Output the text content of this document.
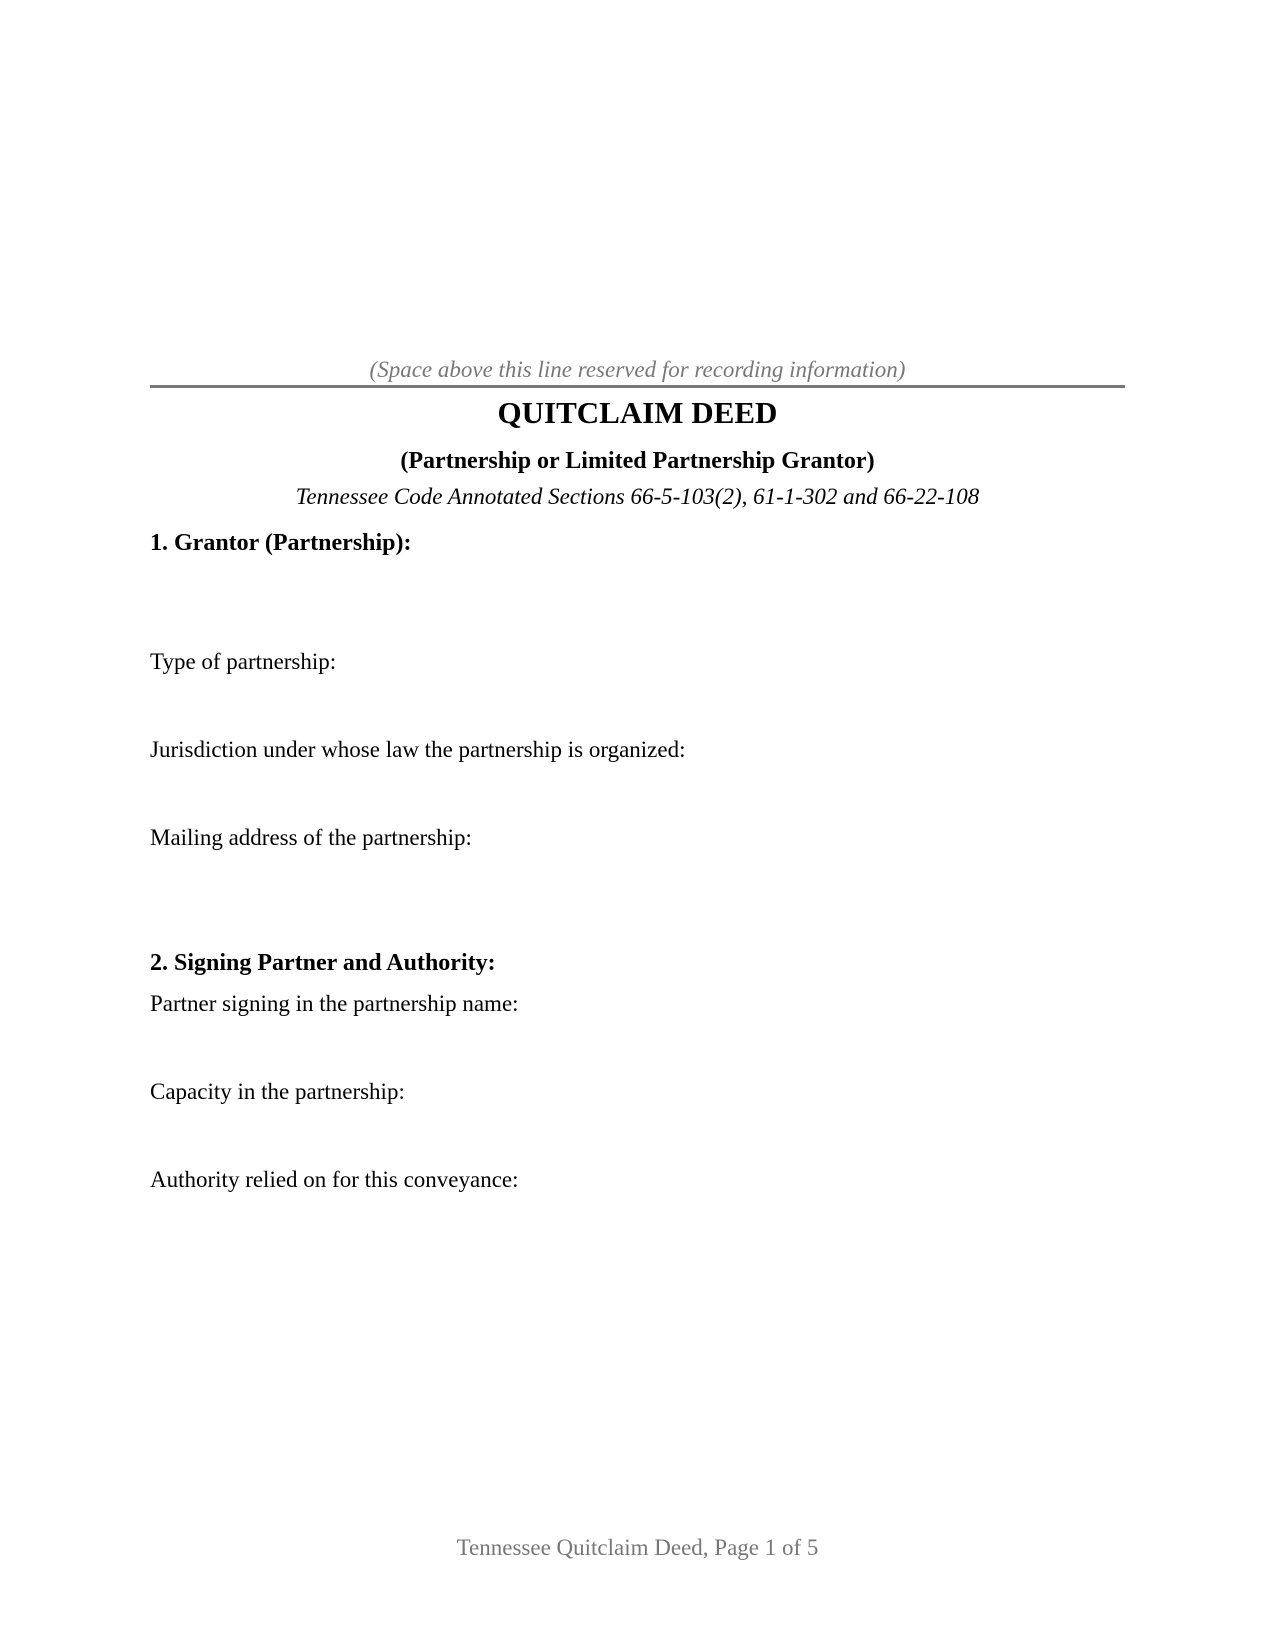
(Space above this line reserved for recording information)
QUITCLAIM DEED
(Partnership or Limited Partnership Grantor)
Tennessee Code Annotated Sections 66-5-103(2), 61-1-302 and 66-22-108
1. Grantor (Partnership):
Type of partnership:
Jurisdiction under whose law the partnership is organized:
Mailing address of the partnership:
2. Signing Partner and Authority:
Partner signing in the partnership name:
Capacity in the partnership:
Authority relied on for this conveyance:
Tennessee Quitclaim Deed, Page 1 of 5
